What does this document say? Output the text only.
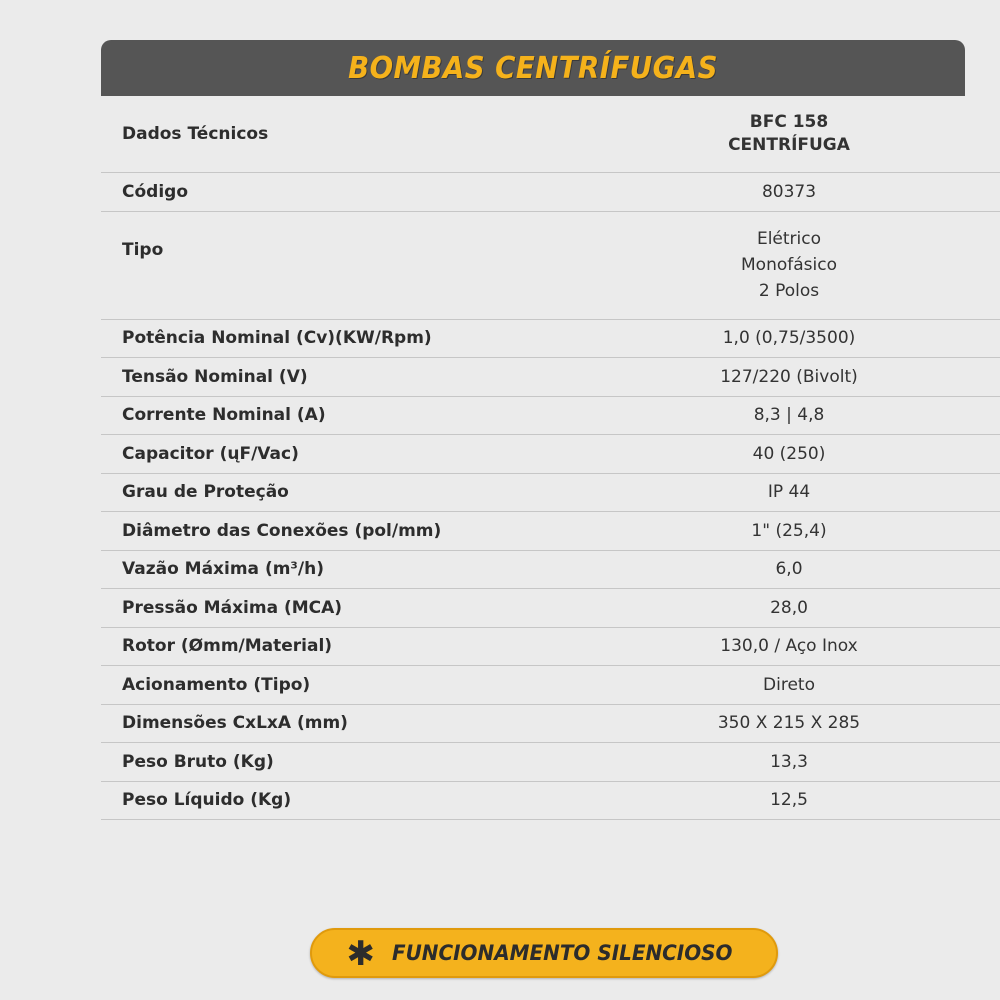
BOMBAS CENTRÍFUGAS
Dados Técnicos	BFC 158
CENTRÍFUGA

Código	80373

Tipo	Elétrico
Monofásico
2 Polos

Potência Nominal (Cv)(KW/Rpm)	1,0 (0,75/3500)

Tensão Nominal (V)	127/220 (Bivolt)

Corrente Nominal (A)	8,3 | 4,8

Capacitor (ųF/Vac)	40 (250)

Grau de Proteção	IP 44

Diâmetro das Conexões (pol/mm)	1" (25,4)

Vazão Máxima (m³/h)	6,0

Pressão Máxima (MCA)	28,0

Rotor (Ømm/Material)	130,0 / Aço Inox

Acionamento (Tipo)	Direto

Dimensões CxLxA (mm)	350 X 215 X 285

Peso Bruto (Kg)	13,3

Peso Líquido (Kg)	12,5
✱ FUNCIONAMENTO SILENCIOSO
